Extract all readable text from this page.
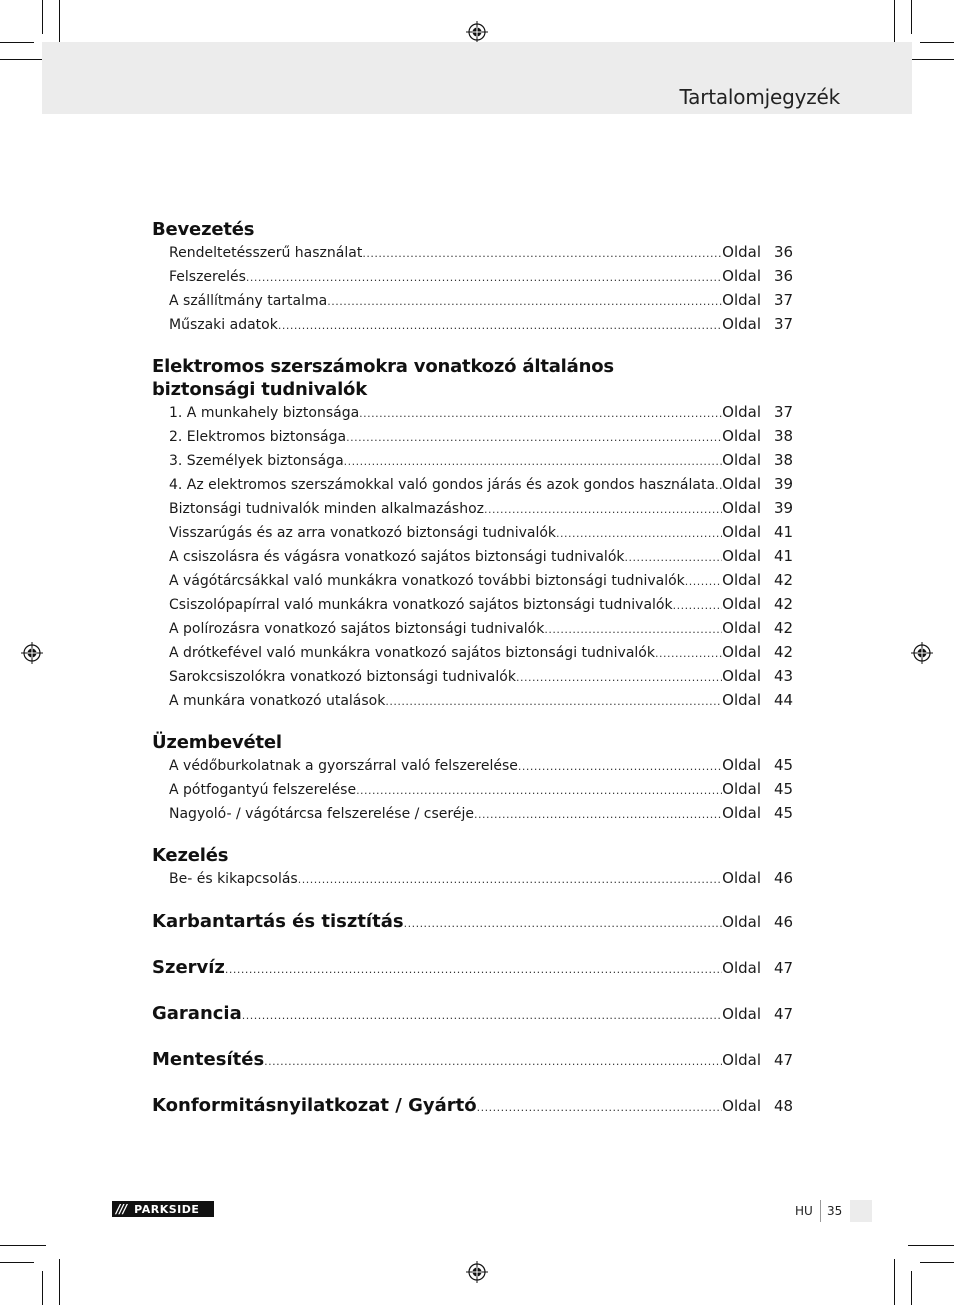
Tartalomjegyzék
Bevezetés
Rendeltetésszerű használat .....	Oldal 36
Felszerelés .....	Oldal 36
A szállítmány tartalma .....	Oldal 37
Műszaki adatok .....	Oldal 37
Elektromos szerszámokra vonatkozó általános biztonsági tudnivalók
1. A munkahely biztonsága .....	Oldal 37
2. Elektromos biztonsága .....	Oldal 38
3. Személyek biztonsága .....	Oldal 38
4. Az elektromos szerszámokkal való gondos járás és azok gondos használata ..... Oldal 39
Biztonsági tudnivalók minden alkalmazáshoz .....	Oldal 39
Visszarúgás és az arra vonatkozó biztonsági tudnivalók .....	Oldal 41
A csiszolásra és vágásra vonatkozó sajátos biztonsági tudnivalók .....	Oldal 41
A vágótárcsákkal való munkákra vonatkozó további biztonsági tudnivalók ..... Oldal 42
Csiszolópapírral való munkákra vonatkozó sajátos biztonsági tudnivalók .....	Oldal 42
A polírozásra vonatkozó sajátos biztonsági tudnivalók .....	Oldal 42
A drótkefével való munkákra vonatkozó sajátos biztonsági tudnivalók .....	Oldal 42
Sarokcsiszolókra vonatkozó biztonsági tudnivalók .....	Oldal 43
A munkára vonatkozó utalások .....	Oldal 44
Üzembevétel
A védőburkolatnak a gyorszárral való felszerelése .....	Oldal 45
A pótfogantyú felszerelése .....	Oldal 45
Nagyoló- / vágótárcsa felszerelése / cseréje .....	Oldal 45
Kezelés
Be- és kikapcsolás .....	Oldal 46
Karbantartás és tisztítás .....	Oldal 46
Szervíz .....	Oldal 47
Garancia .....	Oldal 47
Mentesítés .....	Oldal 47
Konformitásnyilatkozat / Gyártó .....	Oldal 48
/// PARKSIDE	HU 35
